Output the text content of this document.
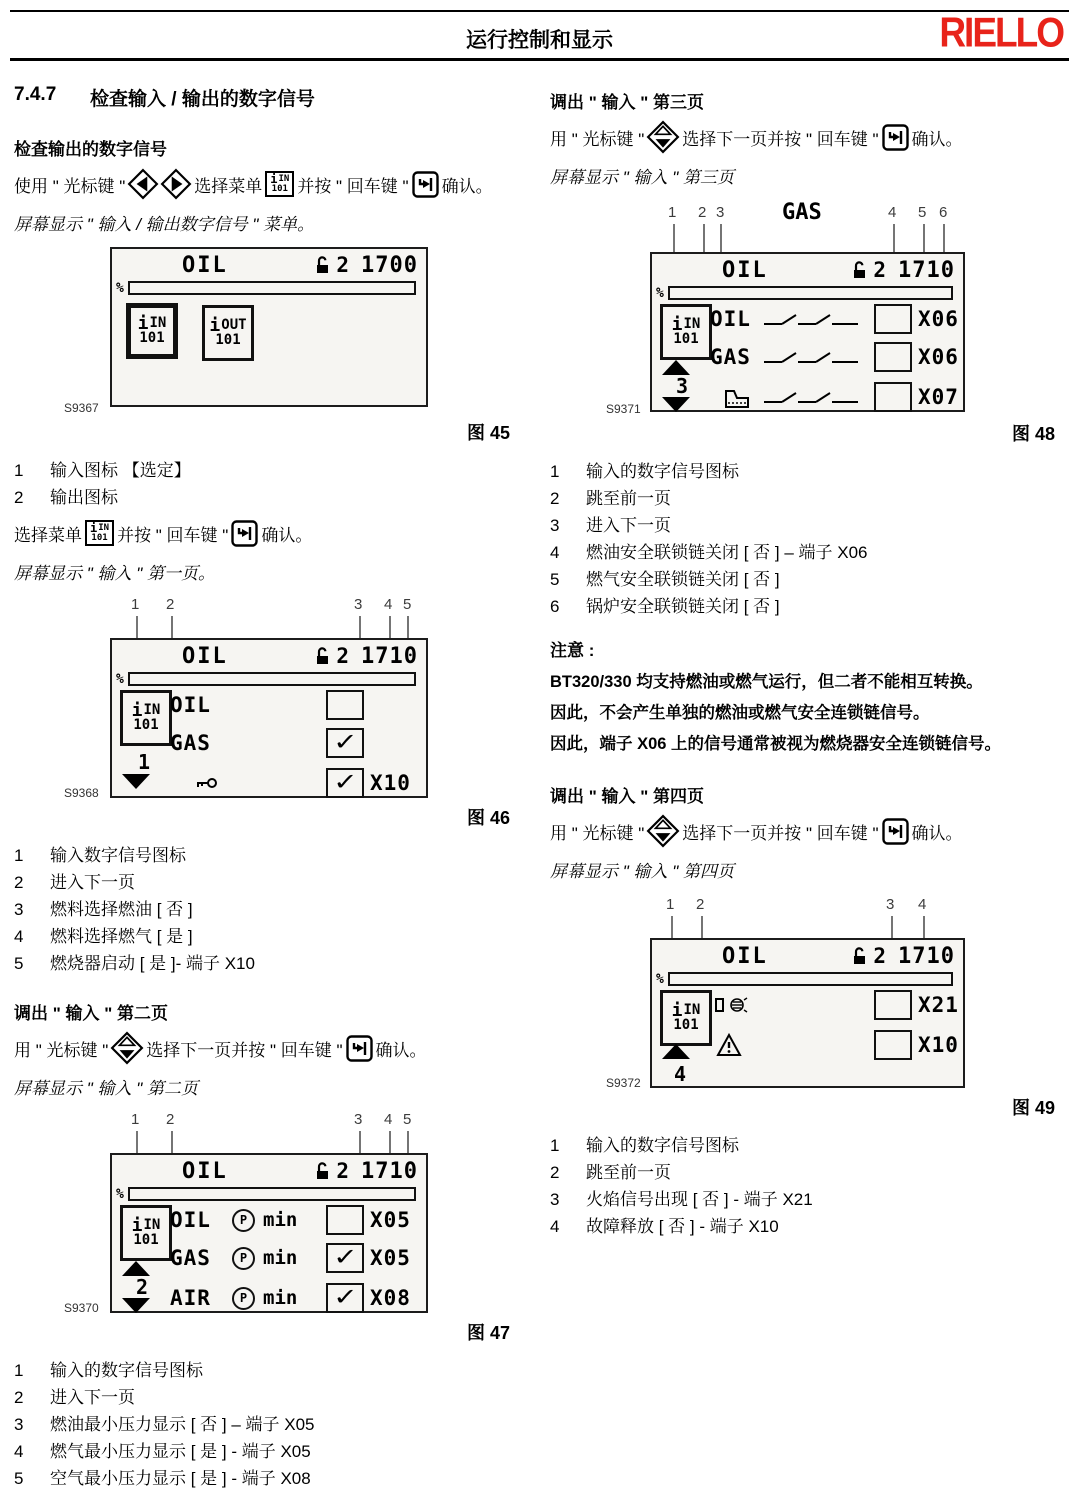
运行控制和显示	RIELLO
7.4.7	检查输入 / 输出的数字信号
检查输出的数字信号
使用 " 光标键 "	选择菜单 i IN
101 并按 " 回车键 " 确认。
屏幕显示 " 输入 / 输出数字信号 " 菜单。
OIL	2 1700
%
i IN
101
i OUT
101
S9367
图 45
1	输入图标 【选定】
2	输出图标
选择菜单 i IN
101 并按 " 回车键 " 确认。
屏幕显示 " 输入 " 第一页。
1 2	3 4 5
OIL	2 1710
%
i IN
101
1
OIL
GAS	✓
✓ X10
S9368
图 46
1	输入数字信号图标
2	进入下一页
3	燃料选择燃油 [ 否 ]
4	燃料选择燃气 [ 是 ]
5	燃烧器启动 [ 是 ]- 端子 X10
调出 " 输入 " 第二页
用 " 光标键 " 选择下一页并按 " 回车键 " 确认。
屏幕显示 " 输入 " 第二页
1 2	3 4 5
OIL	2 1710
%
i IN
101
2
OIL	P min	X05
GAS	P min ✓ X05
AIR	P min ✓ X08
S9370
图 47
1	输入的数字信号图标
2	进入下一页
3	燃油最小压力显示 [ 否 ] – 端子 X05
4	燃气最小压力显示 [ 是 ] - 端子 X05
5	空气最小压力显示 [ 是 ] - 端子 X08
调出 " 输入 " 第三页
用 " 光标键 " 选择下一页并按 " 回车键 " 确认。
屏幕显示 " 输入 " 第三页
GAS
1 2 3	4 5 6
OIL	2 1710
%
i IN
101
3
OIL	X06
GAS	X06
X07
S9371
图 48
1	输入的数字信号图标
2	跳至前一页
3	进入下一页
4	燃油安全联锁链关闭 [ 否 ] – 端子 X06
5	燃气安全联锁链关闭 [ 否 ]
6	锅炉安全联锁链关闭 [ 否 ]
注意 :
BT320/330 均支持燃油或燃气运行，但二者不能相互转换。
因此，不会产生单独的燃油或燃气安全连锁链信号。
因此，端子 X06 上的信号通常被视为燃烧器安全连锁链信号。
调出 " 输入 " 第四页
用 " 光标键 " 选择下一页并按 " 回车键 " 确认。
屏幕显示 " 输入 " 第四页
1 2	3 4
OIL	2 1710
%
i IN
101
4
X21
X10
S9372
图 49
1	输入的数字信号图标
2	跳至前一页
3	火焰信号出现 [ 否 ] - 端子 X21
4	故障释放 [ 否 ] - 端子 X10
